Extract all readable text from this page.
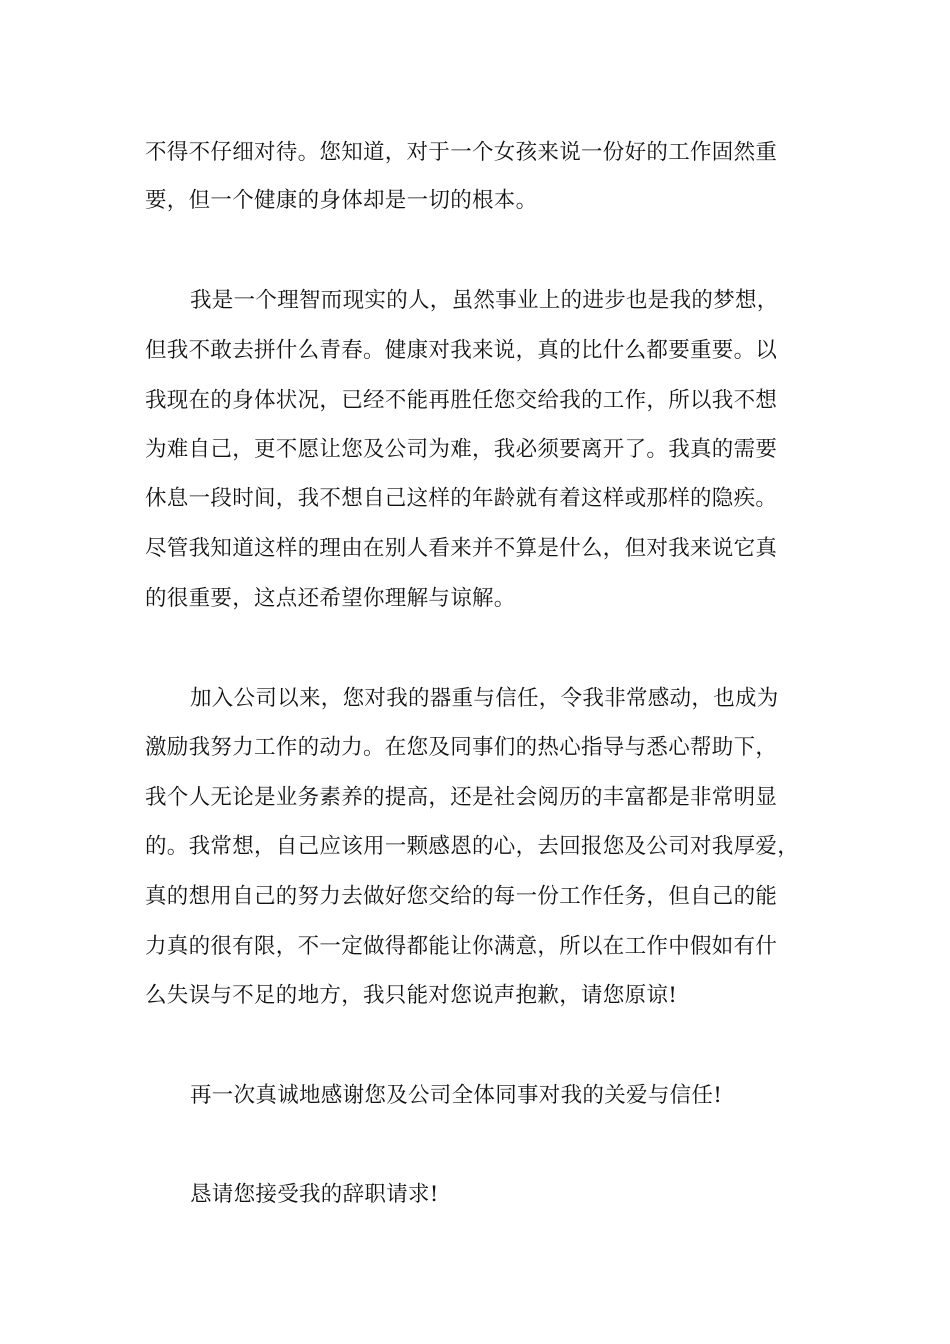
不得不仔细对待。您知道，对于一个女孩来说一份好的工作固然重
要，但一个健康的身体却是一切的根本。
我是一个理智而现实的人，虽然事业上的进步也是我的梦想，
但我不敢去拼什么青春。健康对我来说，真的比什么都要重要。以
我现在的身体状况，已经不能再胜任您交给我的工作，所以我不想
为难自己，更不愿让您及公司为难，我必须要离开了。我真的需要
休息一段时间，我不想自己这样的年龄就有着这样或那样的隐疾。
尽管我知道这样的理由在别人看来并不算是什么，但对我来说它真
的很重要，这点还希望你理解与谅解。
加入公司以来，您对我的器重与信任，令我非常感动，也成为
激励我努力工作的动力。在您及同事们的热心指导与悉心帮助下，
我个人无论是业务素养的提高，还是社会阅历的丰富都是非常明显
的。我常想，自己应该用一颗感恩的心，去回报您及公司对我厚爱，
真的想用自己的努力去做好您交给的每一份工作任务，但自己的能
力真的很有限，不一定做得都能让你满意，所以在工作中假如有什
么失误与不足的地方，我只能对您说声抱歉，请您原谅!
再一次真诚地感谢您及公司全体同事对我的关爱与信任!
恳请您接受我的辞职请求!
